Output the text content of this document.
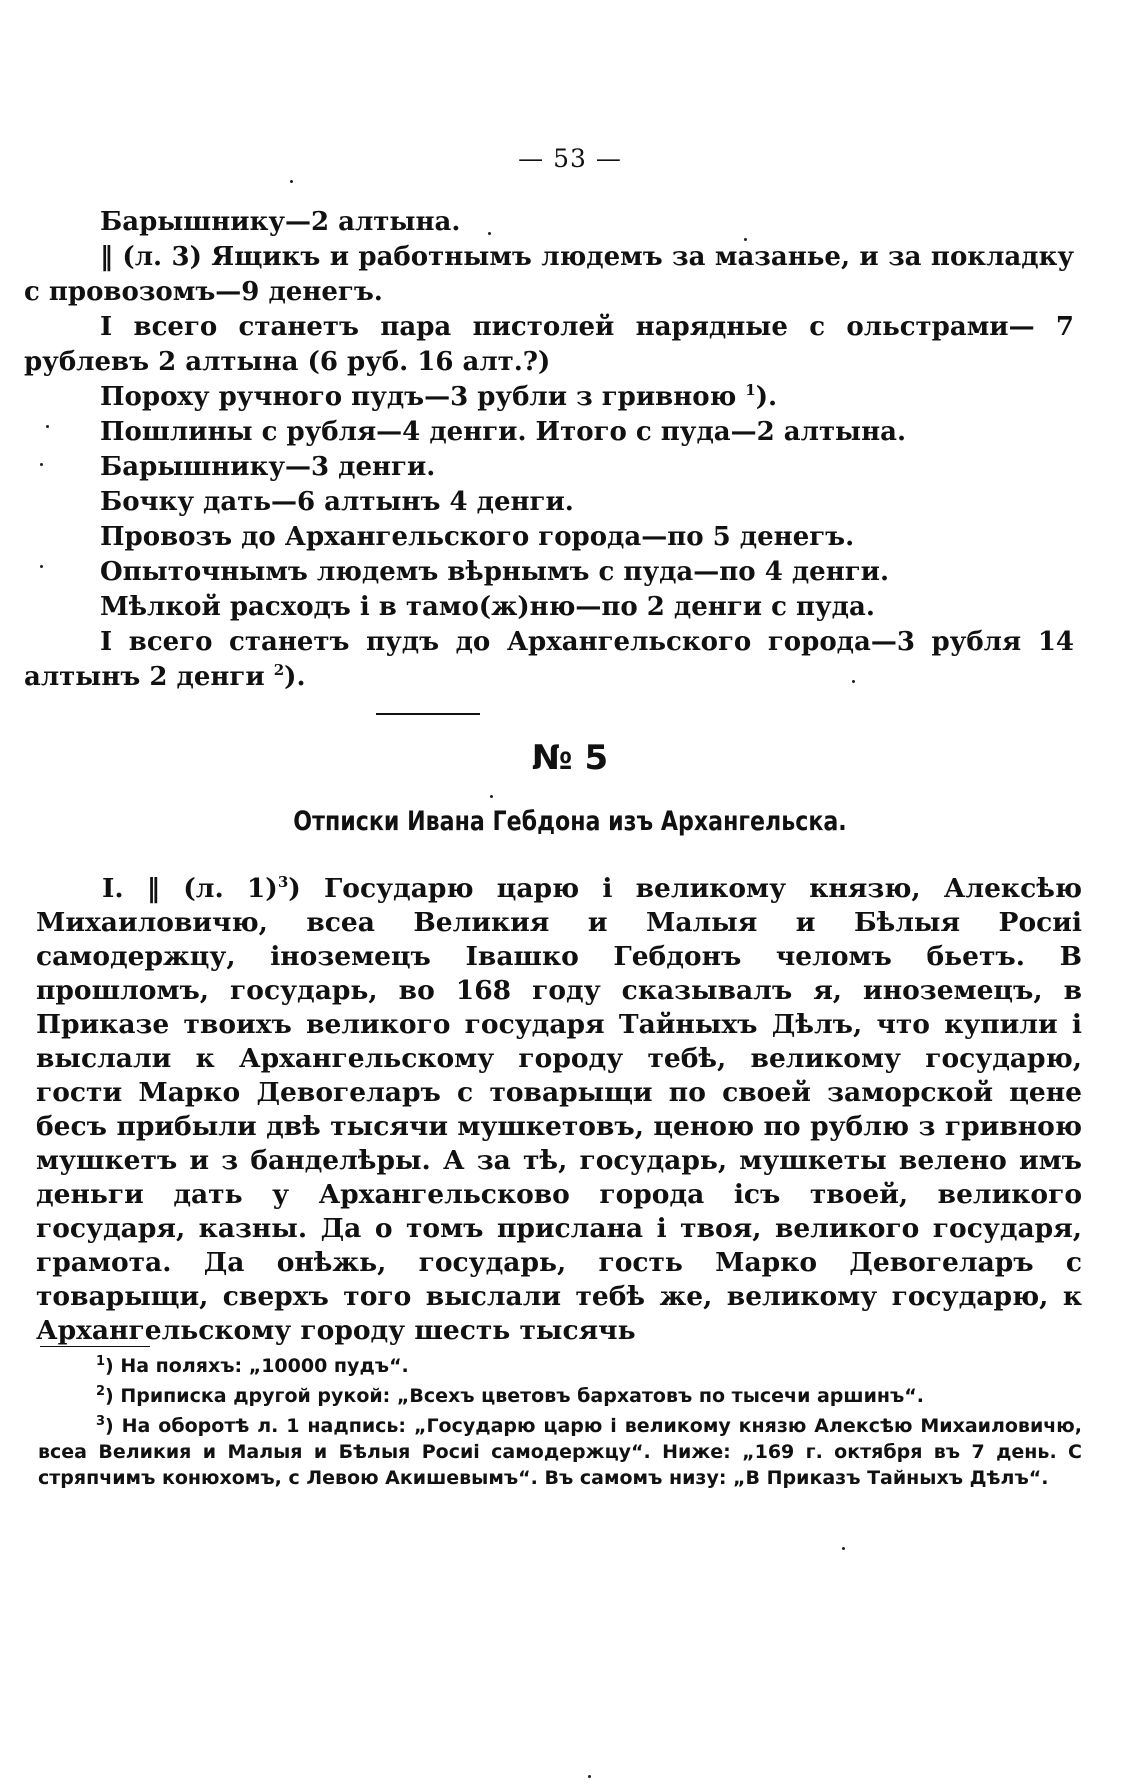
— 53 —

Барышнику—2 алтына.

‖ (л. 3) Ящикъ и работнымъ людемъ за мазанье, и за покладку с провозомъ—9 денегъ.

I всего станетъ пара пистолей нарядные с ольстрами— 7 рублевъ 2 алтына (6 руб. 16 алт.?)

Пороху ручного пудъ—3 рубли з гривною $^1$).

Пошлины с рубля—4 денги. Итого с пуда—2 алтына.

Барышнику—3 денги.

Бочку дать—6 алтынъ 4 денги.

Провозъ до Архангельского города—по 5 денегъ.

Опыточнымъ людемъ вѣрнымъ с пуда—по 4 денги.

Мѣлкой расходъ і в тамо(ж)ню—по 2 денги с пуда.

I всего станетъ пудъ до Архангельского города—3 рубля 14 алтынъ 2 денги $^2$).

№ 5
Отписки Ивана Гебдона изъ Архангельска.

I. ‖ (л. 1)$^3$) Государю царю і великому князю, Алексѣю Михаиловичю, всеа Великия и Малыя и Бѣлыя Росиі самодержцу, іноземецъ Івашко Гебдонъ челомъ бьетъ. В прошломъ, государь, во 168 году сказывалъ я, иноземецъ, в Приказе твоихъ великого государя Тайныхъ Дѣлъ, что купили і выслали к Архангельскому городу тебѣ, великому государю, гости Марко Девогеларъ с товарыщи по своей заморской цене бесъ прибыли двѣ тысячи мушкетовъ, ценою по рублю з гривною мушкетъ и з банделѣры. А за тѣ, государь, мушкеты велено имъ деньги дать у Архангельсково города ісъ твоей, великого государя, казны. Да о томъ прислана і твоя, великого государя, грамота. Да онѣжь, государь, гость Марко Девогеларъ с товарыщи, сверхъ того выслали тебѣ же, великому государю, к Архангельскому городу шесть тысячь

$^1$) На поляхъ: „10000 пудъ“.

$^2$) Приписка другой рукой: „Всехъ цветовъ бархатовъ по тысечи аршинъ“.

$^3$) На оборотѣ л. 1 надпись: „Государю царю і великому князю Алексѣю Михаиловичю, всеа Великия и Малыя и Бѣлыя Росиі самодержцу“. Ниже: „169 г. октября въ 7 день. С стряпчимъ конюхомъ, с Левою Акишевымъ“. Въ самомъ низу: „В Приказъ Тайныхъ Дѣлъ“.
